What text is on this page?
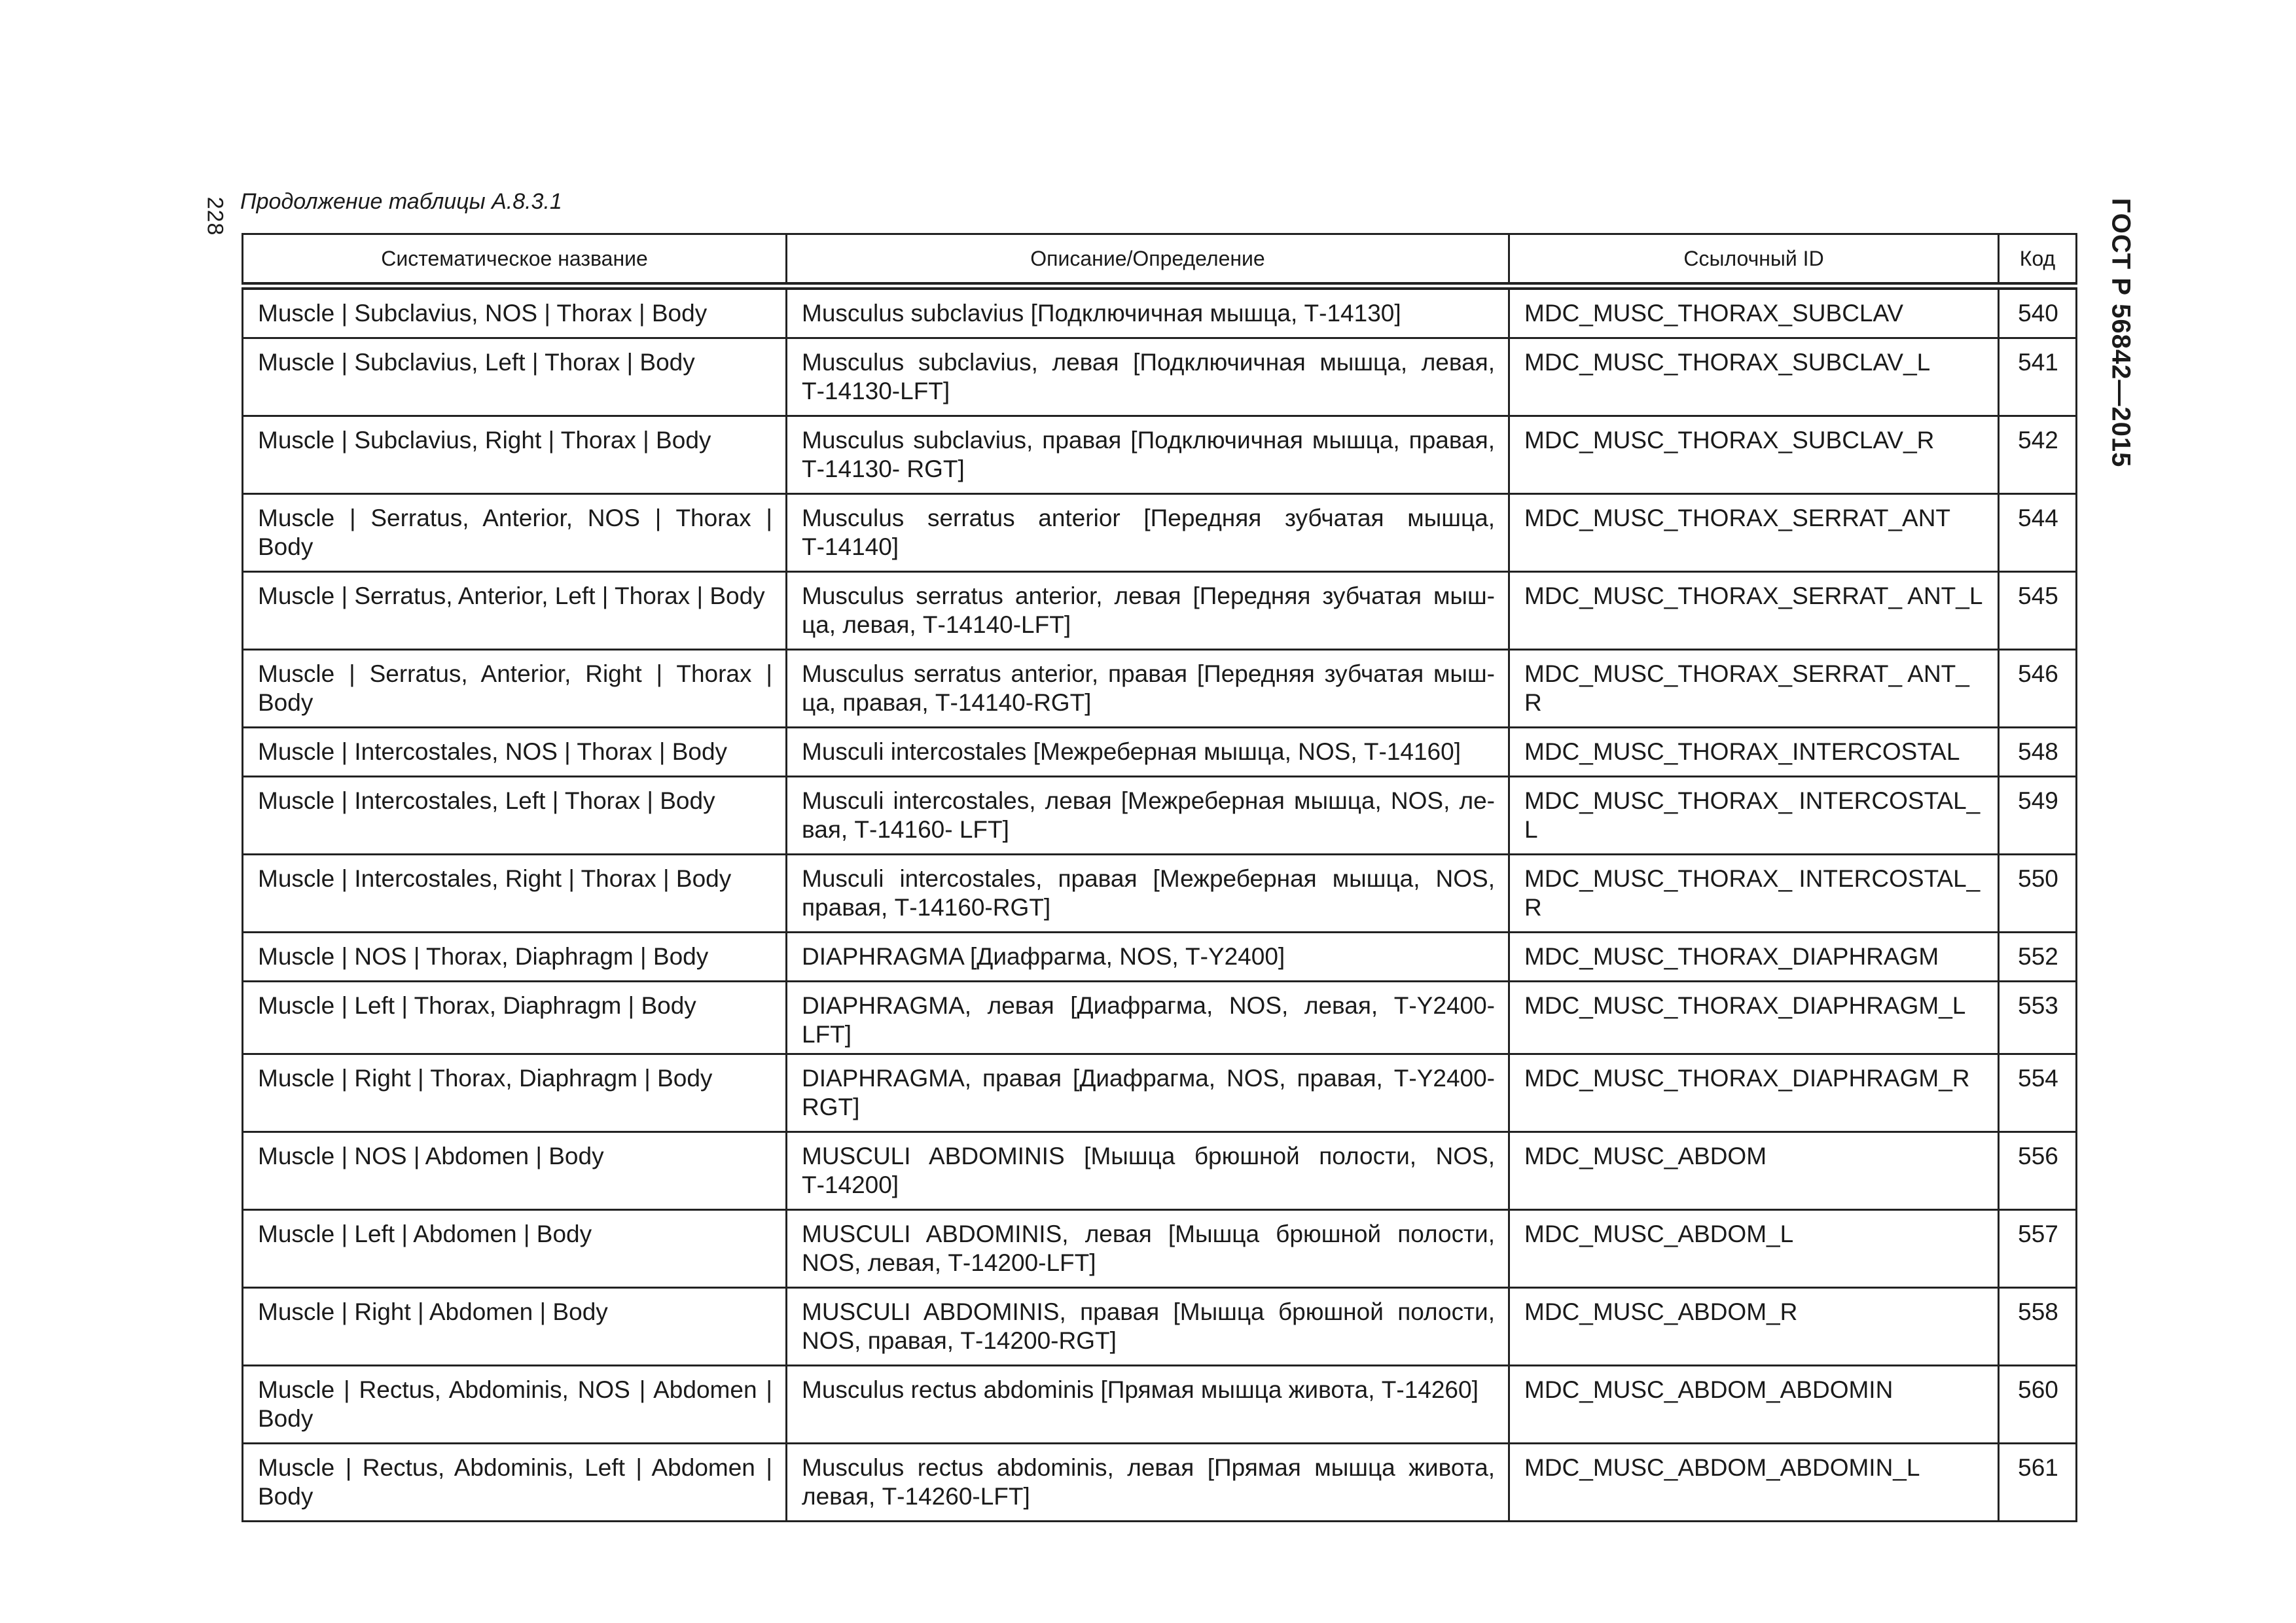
228	ГОСТ Р 56842—2015
Продолжение таблицы А.8.3.1
Систематическое название	Описание/Определение	Ссылочный ID	Код
Muscle | Subclavius, NOS | Thorax | Body	Musculus subclavius [Подключичная мышца, Т-14130]	MDC_MUSC_THORAX_SUBCLAV	540
Muscle | Subclavius, Left | Thorax | Body	Musculus subclavius, левая [Подключичная мышца, левая, Т-14130-LFT]	MDC_MUSC_THORAX_SUBCLAV_L	541
Muscle | Subclavius, Right | Thorax | Body	Musculus subclavius, правая [Подключичная мышца, правая, Т-14130- RGT]	MDC_MUSC_THORAX_SUBCLAV_R	542
Muscle | Serratus, Anterior, NOS | Thorax | Body	Musculus serratus anterior [Передняя зубчатая мышца, Т-14140]	MDC_MUSC_THORAX_SERRAT_ANT	544
Muscle | Serratus, Anterior, Left | Thorax | Body	Musculus serratus anterior, левая [Передняя зубчатая мыш-ца, левая, Т-14140-LFT]	MDC_MUSC_THORAX_SERRAT_ ANT_L	545
Muscle | Serratus, Anterior, Right | Thorax | Body	Musculus serratus anterior, правая [Передняя зубчатая мыш-ца, правая, Т-14140-RGT]	MDC_MUSC_THORAX_SERRAT_ ANT_R	546
Muscle | Intercostales, NOS | Thorax | Body	Musculi intercostales [Межреберная мышца, NOS, Т-14160]	MDC_MUSC_THORAX_INTERCOSTAL	548
Muscle | Intercostales, Left | Thorax | Body	Musculi intercostales, левая [Межреберная мышца, NOS, ле-вая, Т-14160- LFT]	MDC_MUSC_THORAX_ INTERCOSTAL_L	549
Muscle | Intercostales, Right | Thorax | Body	Musculi intercostales, правая [Межреберная мышца, NOS, правая, Т-14160-RGT]	MDC_MUSC_THORAX_ INTERCOSTAL_R	550
Muscle | NOS | Thorax, Diaphragm | Body	DIAPHRAGMA [Диафрагма, NOS, Т-Y2400]	MDC_MUSC_THORAX_DIAPHRAGM	552
Muscle | Left | Thorax, Diaphragm | Body	DIAPHRAGMA, левая [Диафрагма, NOS, левая, Т-Y2400-LFT]	MDC_MUSC_THORAX_DIAPHRAGM_L	553
Muscle | Right | Thorax, Diaphragm | Body	DIAPHRAGMA, правая [Диафрагма, NOS, правая, Т-Y2400-RGT]	MDC_MUSC_THORAX_DIAPHRAGM_R	554
Muscle | NOS | Abdomen | Body	MUSCULI ABDOMINIS [Мышца брюшной полости, NOS, Т-14200]	MDC_MUSC_ABDOM	556
Muscle | Left | Abdomen | Body	MUSCULI ABDOMINIS, левая [Мышца брюшной полости, NOS, левая, Т-14200-LFT]	MDC_MUSC_ABDOM_L	557
Muscle | Right | Abdomen | Body	MUSCULI ABDOMINIS, правая [Мышца брюшной полости, NOS, правая, Т-14200-RGT]	MDC_MUSC_ABDOM_R	558
Muscle | Rectus, Abdominis, NOS | Abdomen | Body	Musculus rectus abdominis [Прямая мышца живота, Т-14260]	MDC_MUSC_ABDOM_ABDOMIN	560
Muscle | Rectus, Abdominis, Left | Abdomen | Body	Musculus rectus abdominis, левая [Прямая мышца живота, левая, Т-14260-LFT]	MDC_MUSC_ABDOM_ABDOMIN_L	561
